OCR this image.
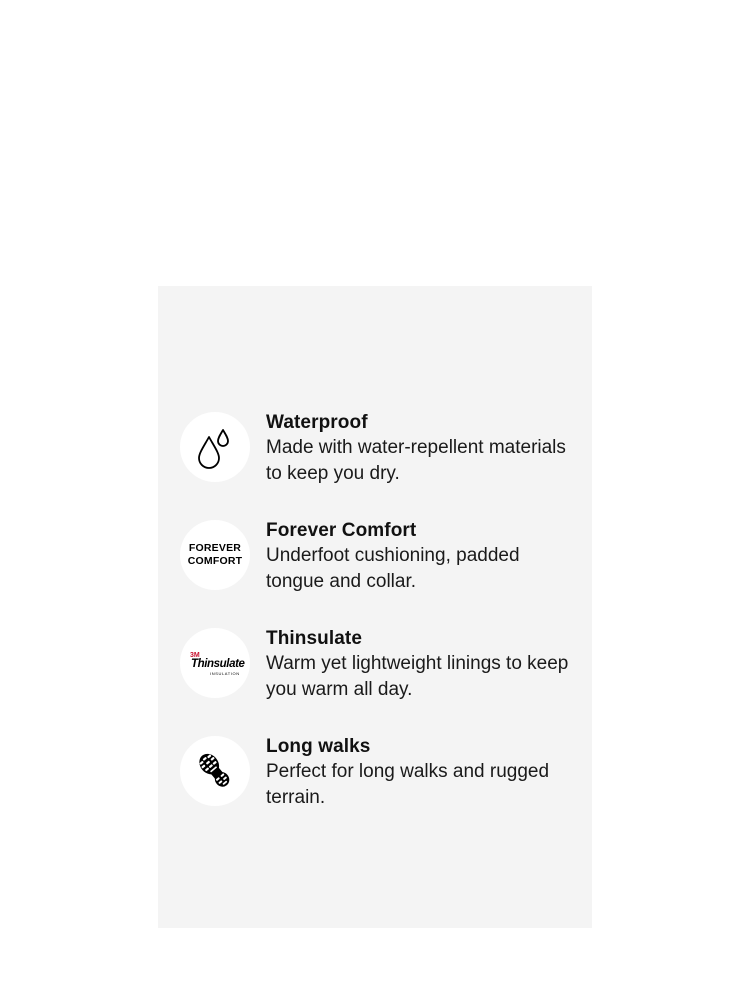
Waterproof
Made with water-repellent materials to keep you dry.
FOREVER
COMFORT
Forever Comfort
Underfoot cushioning, padded tongue and collar.
3M
Thinsulate
INSULATION
Thinsulate
Warm yet lightweight linings to keep you warm all day.
Long walks
Perfect for long walks and rugged terrain.
